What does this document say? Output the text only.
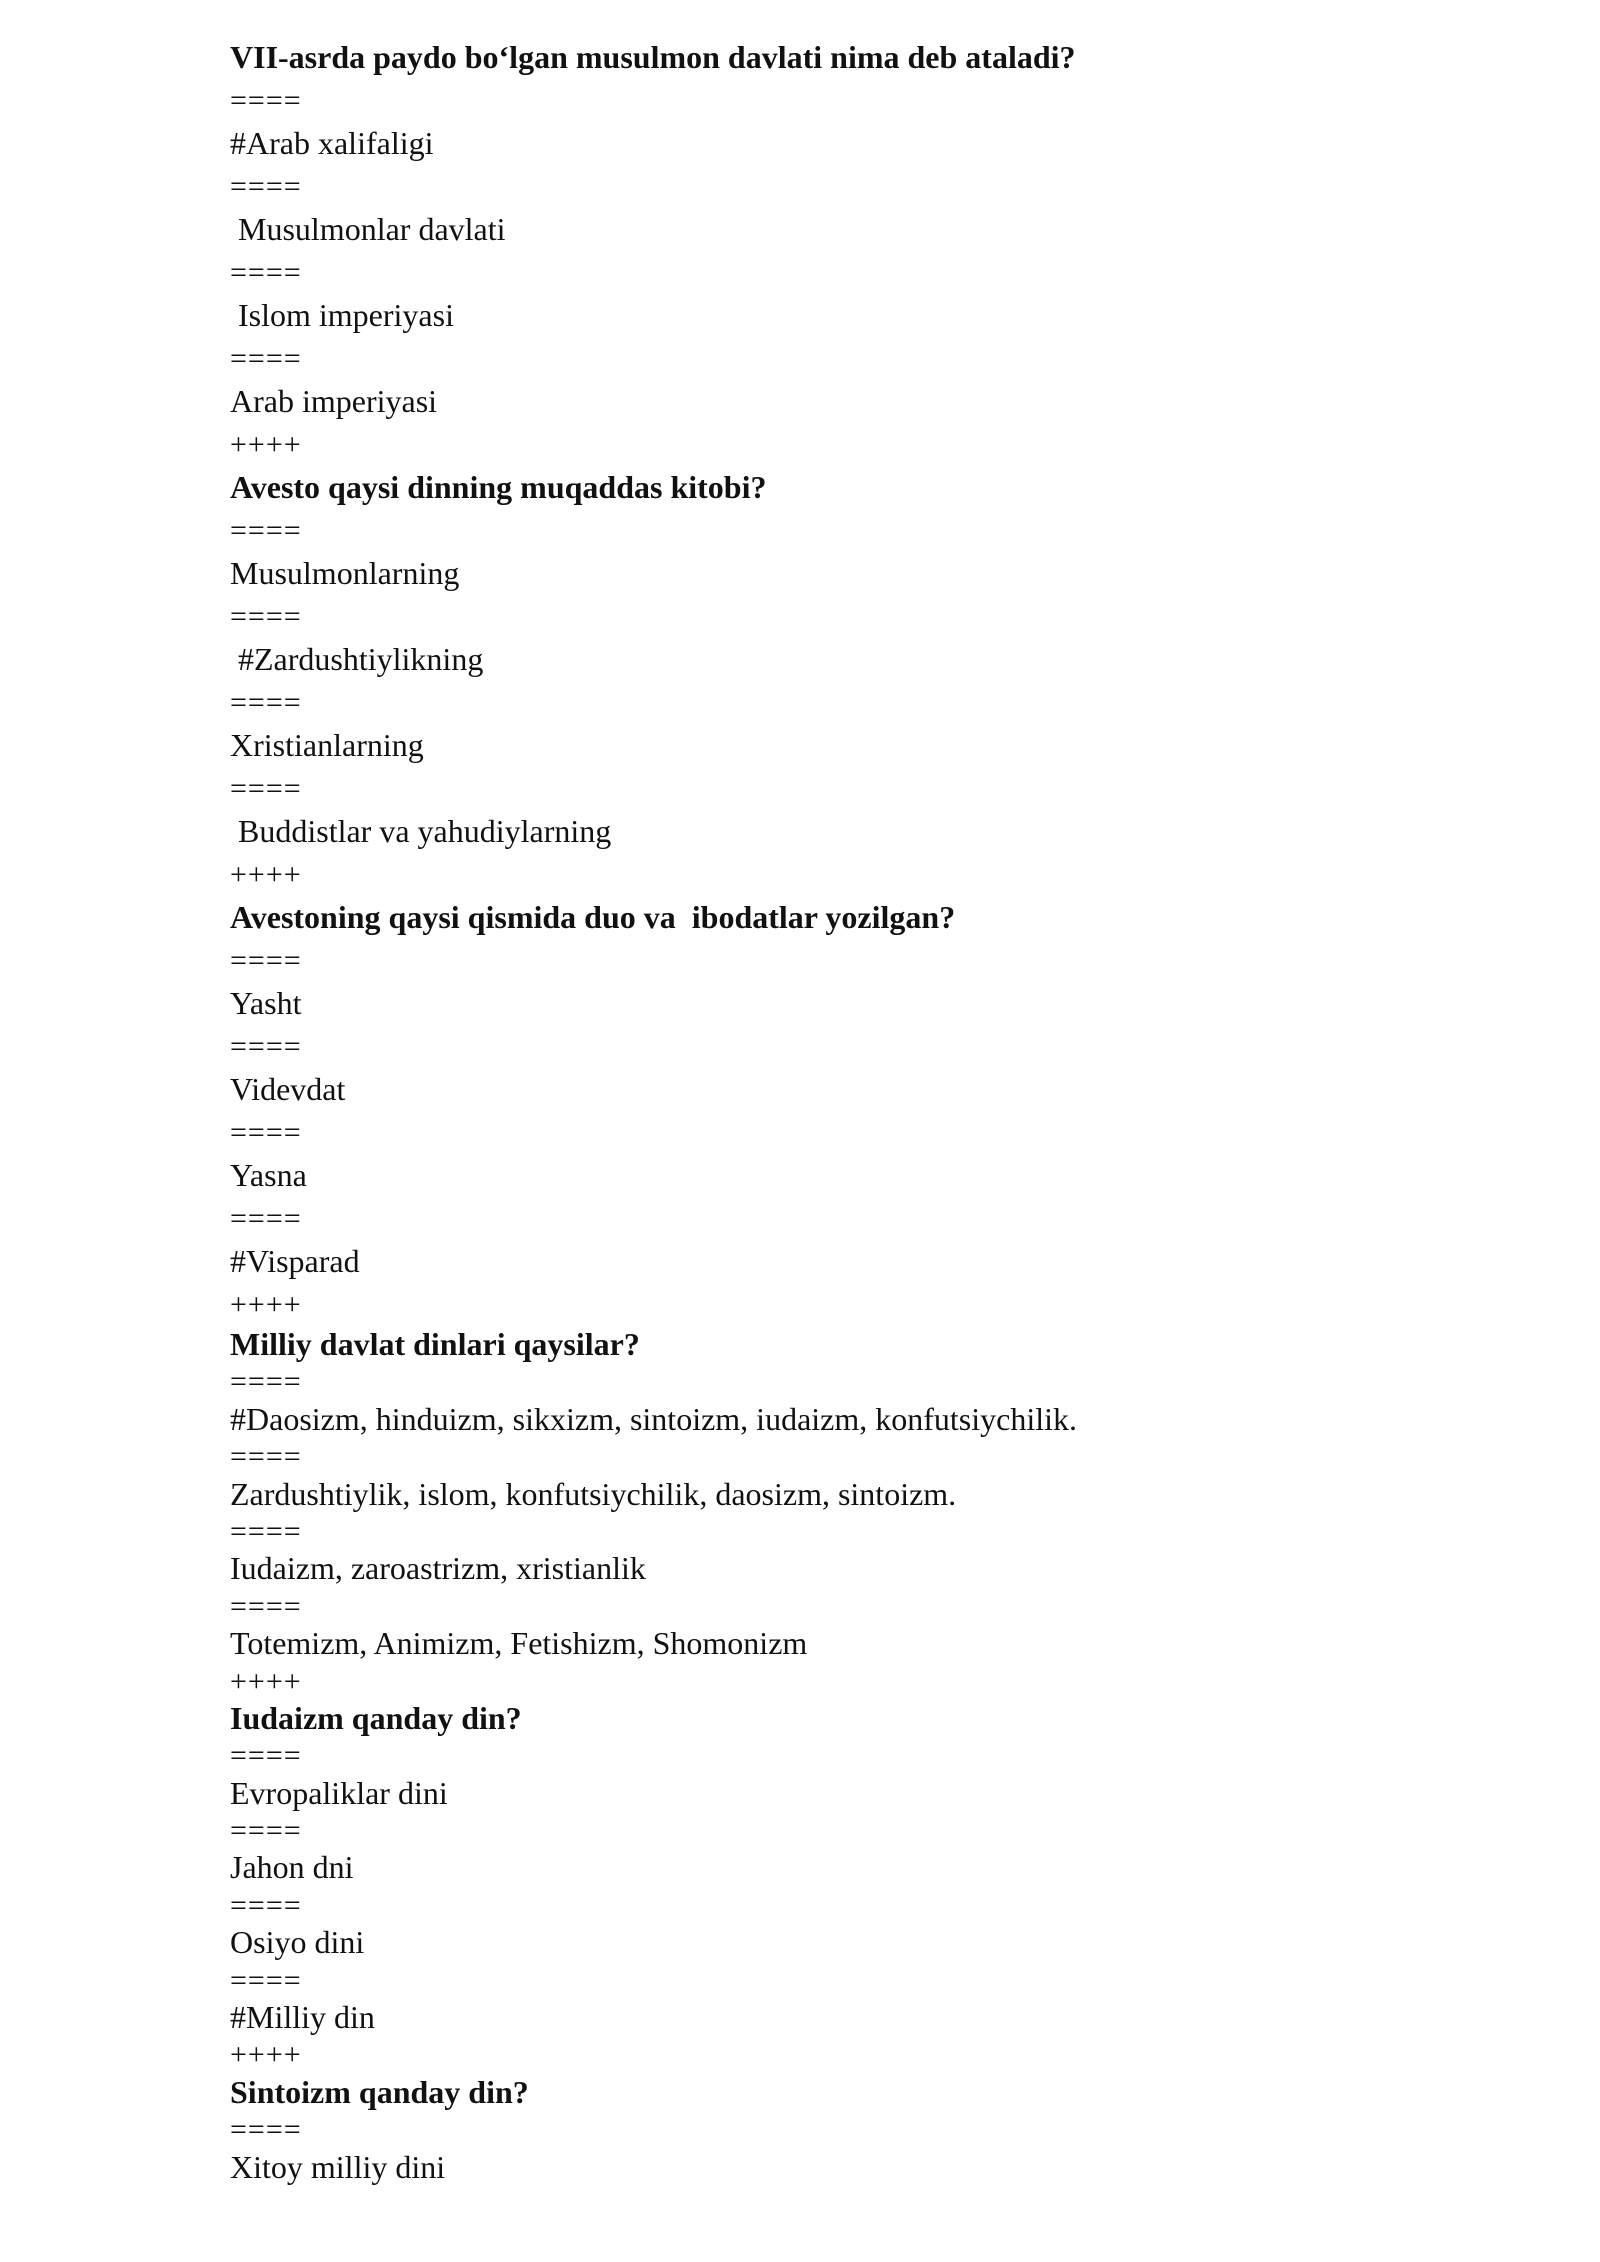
VII-asrda paydo bo‘lgan musulmon davlati nima deb ataladi?
====
#Arab xalifaligi
====
Musulmonlar davlati
====
Islom imperiyasi
====
Arab imperiyasi
++++
Avesto qaysi dinning muqaddas kitobi?
====
Musulmonlarning
====
#Zardushtiylikning
====
Xristianlarning
====
Buddistlar va yahudiylarning
++++
Avestoning qaysi qismida duo va  ibodatlar yozilgan?
====
Yasht
====
Videvdat
====
Yasna
====
#Visparad
++++
Milliy davlat dinlari qaysilar?
====
#Daosizm, hinduizm, sikxizm, sintoizm, iudaizm, konfutsiychilik.
====
Zardushtiylik, islom, konfutsiychilik, daosizm, sintoizm.
====
Iudaizm, zaroastrizm, xristianlik
====
Totemizm, Animizm, Fetishizm, Shomonizm
++++
Iudaizm qanday din?
====
Evropaliklar dini
====
Jahon dni
====
Osiyo dini
====
#Milliy din
++++
Sintoizm qanday din?
====
Xitoy milliy dini
